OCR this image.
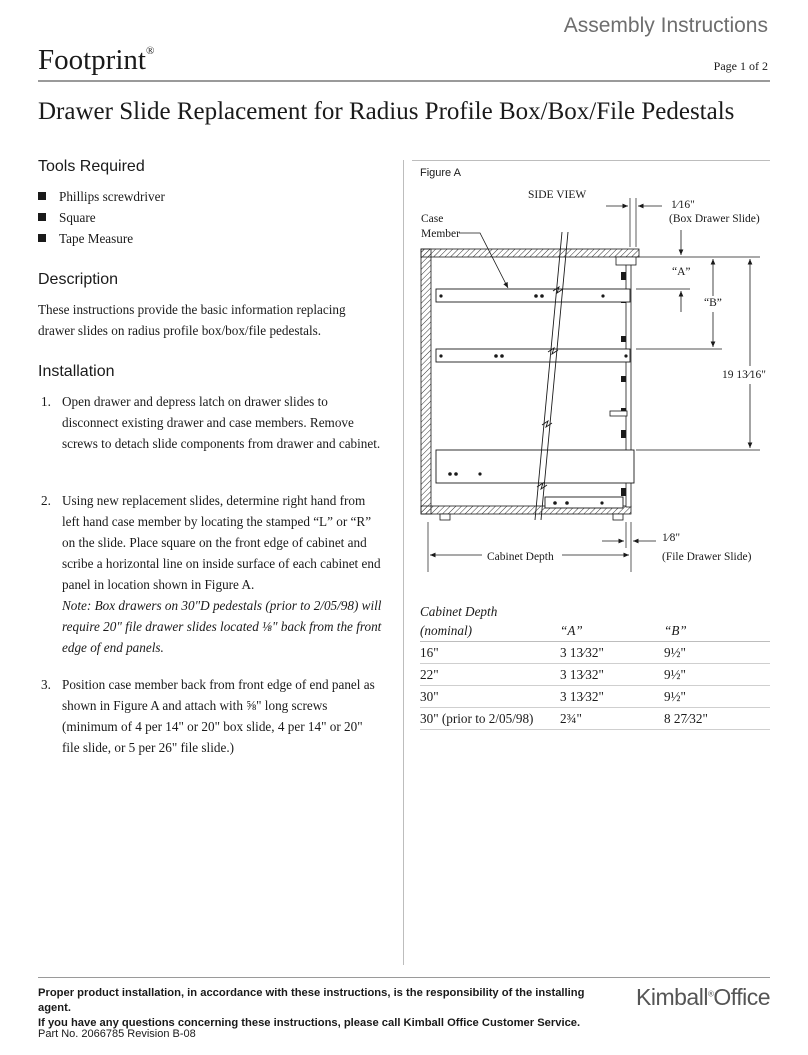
Assembly Instructions
Footprint®
Page 1 of 2
Drawer Slide Replacement for Radius Profile Box/Box/File Pedestals
Tools Required
Phillips screwdriver
Square
Tape Measure
Description

These instructions provide the basic information replacing drawer slides on radius profile box/box/file pedestals.

Installation
1. Open drawer and depress latch on drawer slides to disconnect existing drawer and case members. Remove screws to detach slide components from drawer and cabinet.
2. Using new replacement slides, determine right hand from left hand case member by locating the stamped “L” or “R” on the slide. Place square on the front edge of cabinet and scribe a horizontal line on inside surface of each cabinet end panel in location shown in Figure A.
Note: Box drawers on 30"D pedestals (prior to 2/05/98) will require 20" file drawer slides located ⅛" back from the front edge of end panels.
3. Position case member back from front edge of end panel as shown in Figure A and attach with ⅝" long screws (minimum of 4 per 14" or 20" box slide, 4 per 14" or 20" file slide, or 5 per 26" file slide.)
Figure A
SIDE VIEW
Case
Member
1⁄16"
(Box Drawer Slide)
“A”
“B”
19 13⁄16"
1⁄8"
(File Drawer Slide)
Cabinet Depth
Cabinet Depth		
(nominal)	“A”	“B”
16"	3 13⁄32"	9½"
22"	3 13⁄32"	9½"
30"	3 13⁄32"	9½"
30" (prior to 2/05/98)	2¾"	8 27⁄32"
Proper product installation, in accordance with these instructions, is the responsibility of the installing agent.
If you have any questions concerning these instructions, please call Kimball Office Customer Service.
Kimball®Office
Part No. 2066785 Revision B-08
